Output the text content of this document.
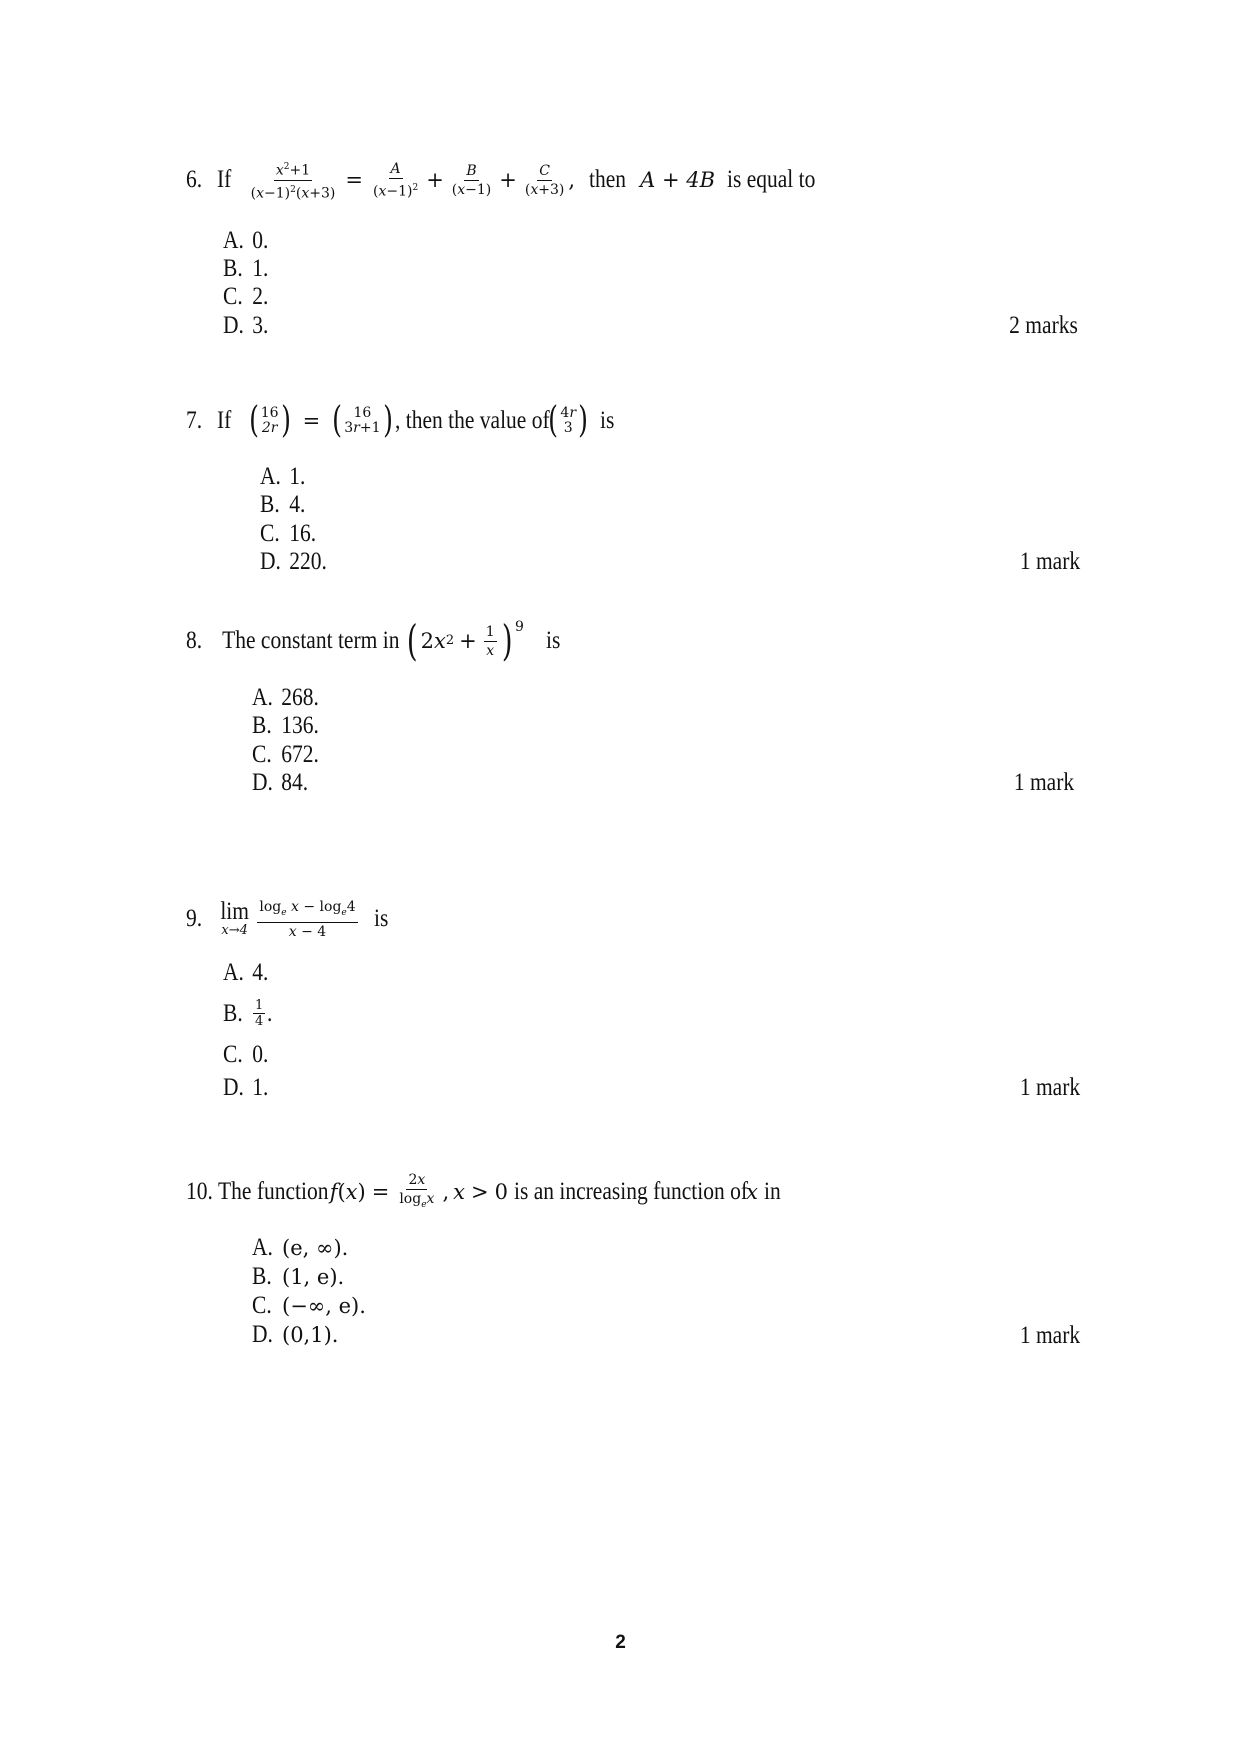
6. If $\frac{x^2+1}{(x-1)^2(x+3)} = \frac{A}{(x-1)^2} + \frac{B}{(x-1)} + \frac{C}{(x+3)}$ , then A + 4B is equal to
A. 0.
B. 1.
C. 2.
D. 3.	2 marks
7. If ( 16
2r ) = ( 16
3r+1 ) , then the value of ( 4r
3 ) is
A. 1.
B. 4.
C. 16.
D. 220.	1 mark
8. The constant term in ( 2 x $2 + \frac{1}{x}$ ) 9 is
A. 268.
B. 136.
C. 672.
D. 84.	1 mark
9. lim
$x\to 4 \frac{\log_e x - \log_e4}{x - 4}$ is
A. 4.
B. $\frac{1}{4}$ .
C. 0.
D. 1.	1 mark
10. The function f ( x ) = $\frac{2x}{\log_ex}$ , x > 0 is an increasing function of
x in
A. (e, ∞).
B. (1, e).
C. (−∞, e).
D. (0,1).	1 mark
2
